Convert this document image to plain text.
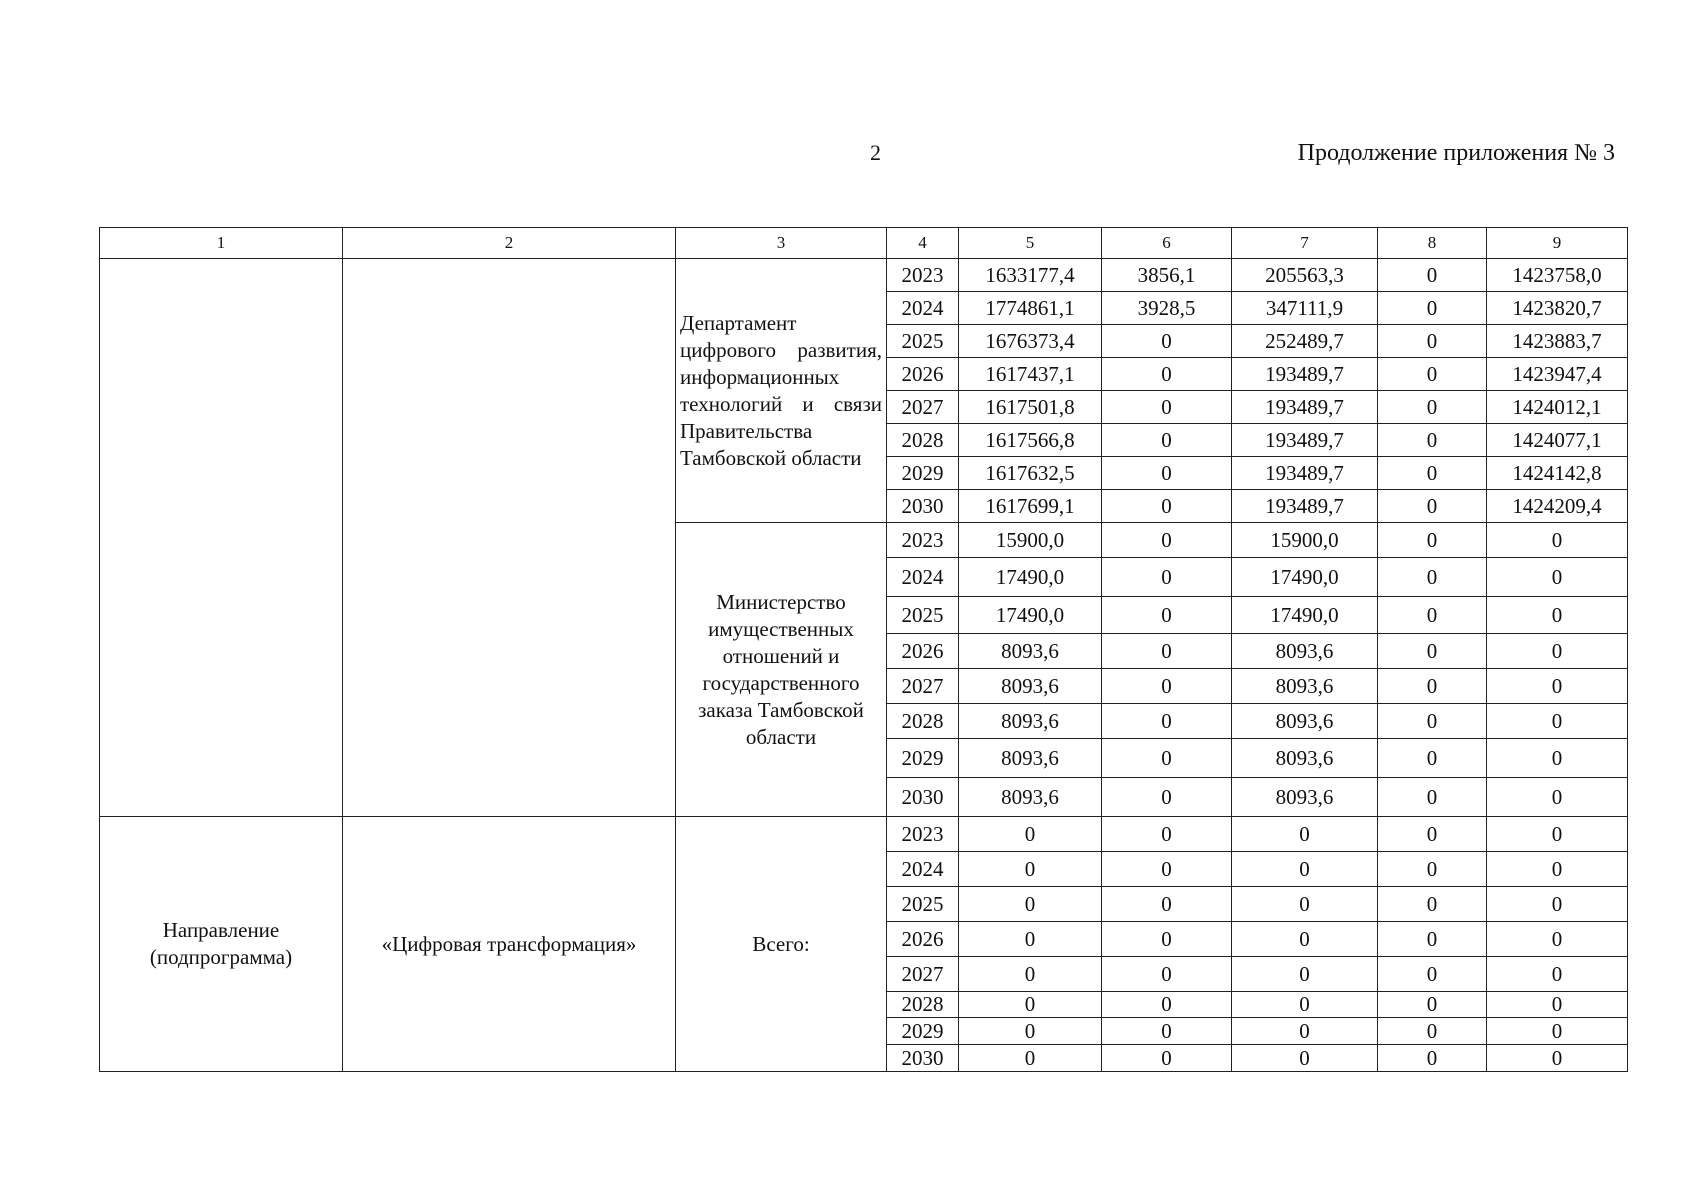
2	Продолжение приложения № 3
1	2	3	4	5	6	7	8	9
		Департамент цифрового развития, информационных технологий и связи Правительства Тамбовской области	2023	1633177,4	3856,1	205563,3	0	1423758,0
			2024	1774861,1	3928,5	347111,9	0	1423820,7
			2025	1676373,4	0	252489,7	0	1423883,7
			2026	1617437,1	0	193489,7	0	1423947,4
			2027	1617501,8	0	193489,7	0	1424012,1
			2028	1617566,8	0	193489,7	0	1424077,1
			2029	1617632,5	0	193489,7	0	1424142,8
			2030	1617699,1	0	193489,7	0	1424209,4
		Министерство имущественных отношений и государственного заказа Тамбовской области	2023	15900,0	0	15900,0	0	0
			2024	17490,0	0	17490,0	0	0
			2025	17490,0	0	17490,0	0	0
			2026	8093,6	0	8093,6	0	0
			2027	8093,6	0	8093,6	0	0
			2028	8093,6	0	8093,6	0	0
			2029	8093,6	0	8093,6	0	0
			2030	8093,6	0	8093,6	0	0
Направление (подпрограмма)	«Цифровая трансформация»	Всего:	2023	0	0	0	0	0
			2024	0	0	0	0	0
			2025	0	0	0	0	0
			2026	0	0	0	0	0
			2027	0	0	0	0	0
			2028	0	0	0	0	0
			2029	0	0	0	0	0
			2030	0	0	0	0	0
